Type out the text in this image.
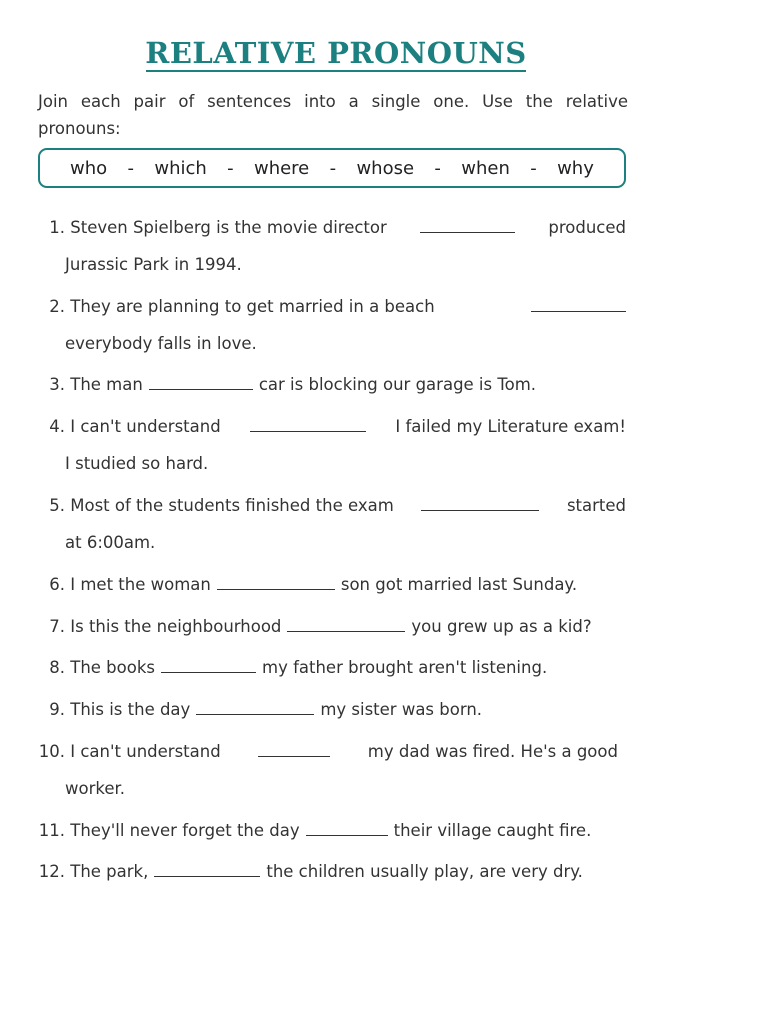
RELATIVE PRONOUNS
Join each pair of sentences into a single one. Use the relative pronouns:
who - which - where - whose - when - why
1. Steven Spielberg is the movie director	produced
Jurassic Park in 1994.
2. They are planning to get married in a beach
everybody falls in love.
3.
The man	car is blocking our garage is Tom.
4. I can't understand	I failed my Literature exam!
I studied so hard.
5. Most of the students finished the exam	started
at 6:00am.
6.
I met the woman	son got married last Sunday.
7.
Is this the neighbourhood	you grew up as a kid?
8.
The books	my father brought aren't listening.
9.
This is the day	my sister was born.
10. I can't understand	my dad was fired. He's a good
worker.
11.
They'll never forget the day	their village caught fire.
12.
The park,	the children usually play, are very dry.
